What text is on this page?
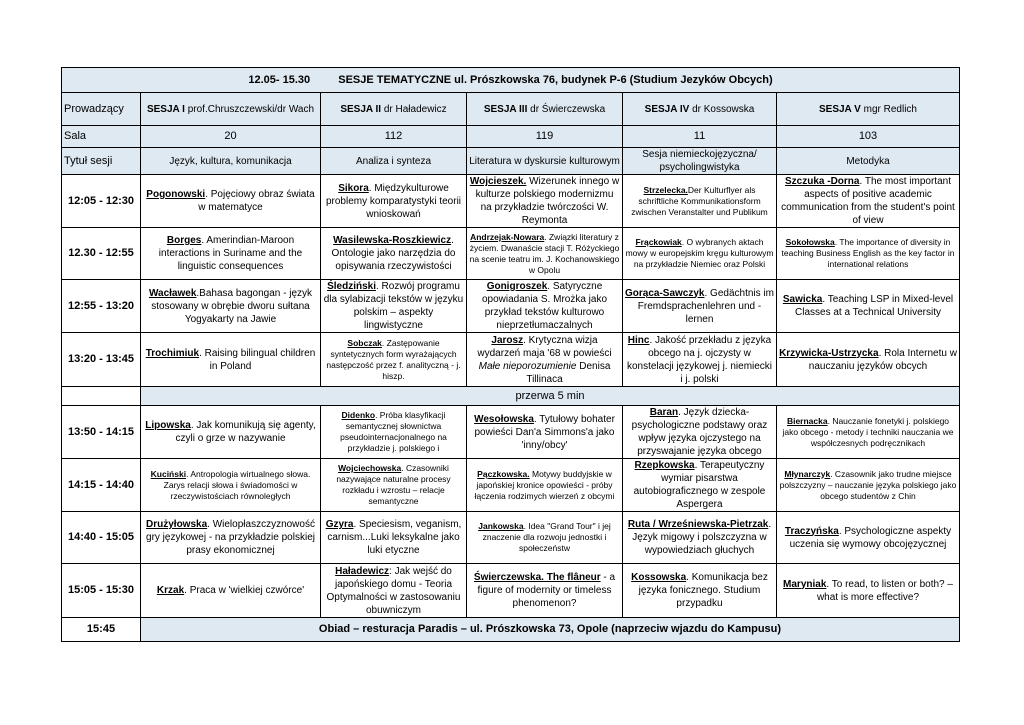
12.05- 15.30 SESJE TEMATYCZNE ul. Prószkowska 76, budynek P-6 (Studium Jezyków Obcych)					
Prowadzący	SESJA I prof.Chruszczewski/dr Wach	SESJA II dr Haładewicz	SESJA III dr Świerczewska	SESJA IV dr Kossowska	SESJA V mgr Redlich
Sala	20	112	119	11	103
Tytuł sesji	Język, kultura, komunikacja	Analiza i synteza	Literatura w dyskursie kulturowym	Sesja niemieckojęzyczna/ psycholingwistyka	Metodyka
12:05 - 12:30	Pogonowski. Pojęciowy obraz świata w matematyce	Sikora. Międzykulturowe problemy komparatystyki teorii wnioskowań	Wojcieszek. Wizerunek innego w kulturze polskiego modernizmu na przykładzie twórczości W. Reymonta	Strzelecka.Der Kulturflyer als schriftliche Kommunikationsform zwischen Veranstalter und Publikum	Szczuka -Dorna. The most important aspects of positive academic communication from the student's point of view
12.30 - 12:55	Borges. Amerindian-Maroon interactions in Suriname and the linguistic consequences	Wasilewska-Roszkiewicz. Ontologie jako narzędzia do opisywania rzeczywistości	Andrzejak-Nowara. Związki literatury z życiem. Dwanaście stacji T. Różyckiego na scenie teatru im. J. Kochanowskiego w Opolu	Frąckowiak. O wybranych aktach mowy w europejskim kręgu kulturowym na przykładzie Niemiec oraz Polski	Sokołowska. The importance of diversity in teaching Business English as the key factor in international relations
12:55 - 13:20	Wacławek.Bahasa bagongan - język stosowany w obrębie dworu sułtana Yogyakarty na Jawie	Śledziński. Rozwój programu dla sylabizacji tekstów w języku polskim – aspekty lingwistyczne	Gonigroszek. Satyryczne opowiadania S. Mrożka jako przykład tekstów kulturowo nieprzetłumaczalnych	Gorąca-Sawczyk. Gedächtnis im Fremdsprachenlehren und -lernen	Sawicka. Teaching LSP in Mixed-level Classes at a Technical University
13:20 - 13:45	Trochimiuk. Raising bilingual children in Poland	Sobczak. Zastępowanie syntetycznych form wyrażających następczość przez f. analityczną - j. hiszp.	Jarosz. Krytyczna wizja wydarzeń maja '68 w powieści Małe nieporozumienie Denisa Tillinaca	Hinc. Jakość przekładu z języka obcego na j. ojczysty w konstelacji językowej j. niemiecki i j. polski	Krzywicka-Ustrzycka. Rola Internetu w nauczaniu języków obcych
	przerwa 5 min				
13:50 - 14:15	Lipowska. Jak komunikują się agenty, czyli o grze w nazywanie	Didenko. Próba klasyfikacji semantycznej słownictwa pseudointernacjonalnego na przykładzie j. polskiego i	Wesołowska. Tytułowy bohater powieści Dan'a Simmons'a jako 'inny/obcy'	Baran. Język dziecka- psychologiczne podstawy oraz wpływ języka ojczystego na przyswajanie języka obcego	Biernacka. Nauczanie fonetyki j. polskiego jako obcego - metody i techniki nauczania we współczesnych podręcznikach
14:15 - 14:40	Kuciński. Antropologia wirtualnego słowa. Zarys relacji słowa i świadomości w rzeczywistościach równoległych	Wojciechowska. Czasowniki nazywające naturalne procesy rozkładu i wzrostu – relacje semantyczne	Pączkowska. Motywy buddyjskie w japońskiej kronice opowieści - próby łączenia rodzimych wierzeń z obcymi	Rzepkowska. Terapeutyczny wymiar pisarstwa autobiograficznego w zespole Aspergera	Młynarczyk. Czasownik jako trudne miejsce polszczyzny – nauczanie języka polskiego jako obcego studentów z Chin
14:40 - 15:05	Drużyłowska. Wielopłaszczyznowość gry językowej - na przykładzie polskiej prasy ekonomicznej	Gzyra. Speciesism, veganism, carnism...Luki leksykalne jako luki etyczne	Jankowska. Idea "Grand Tour" i jej znaczenie dla rozwoju jednostki i społeczeństw	Ruta / Wrześniewska-Pietrzak. Język migowy i polszczyzna w wypowiedziach głuchych	Traczyńska. Psychologiczne aspekty uczenia się wymowy obcojęzycznej
15:05 - 15:30	Krzak. Praca w 'wielkiej czwórce'	Haładewicz: Jak wejść do japońskiego domu - Teoria Optymalności w zastosowaniu obuwniczym	Świerczewska. The flâneur - a figure of modernity or timeless phenomenon?	Kossowska. Komunikacja bez języka fonicznego. Studium przypadku	Maryniak. To read, to listen or both? – what is more effective?
15:45	Obiad – resturacja Paradis – ul. Prószkowska 73, Opole (naprzeciw wjazdu do Kampusu)				
